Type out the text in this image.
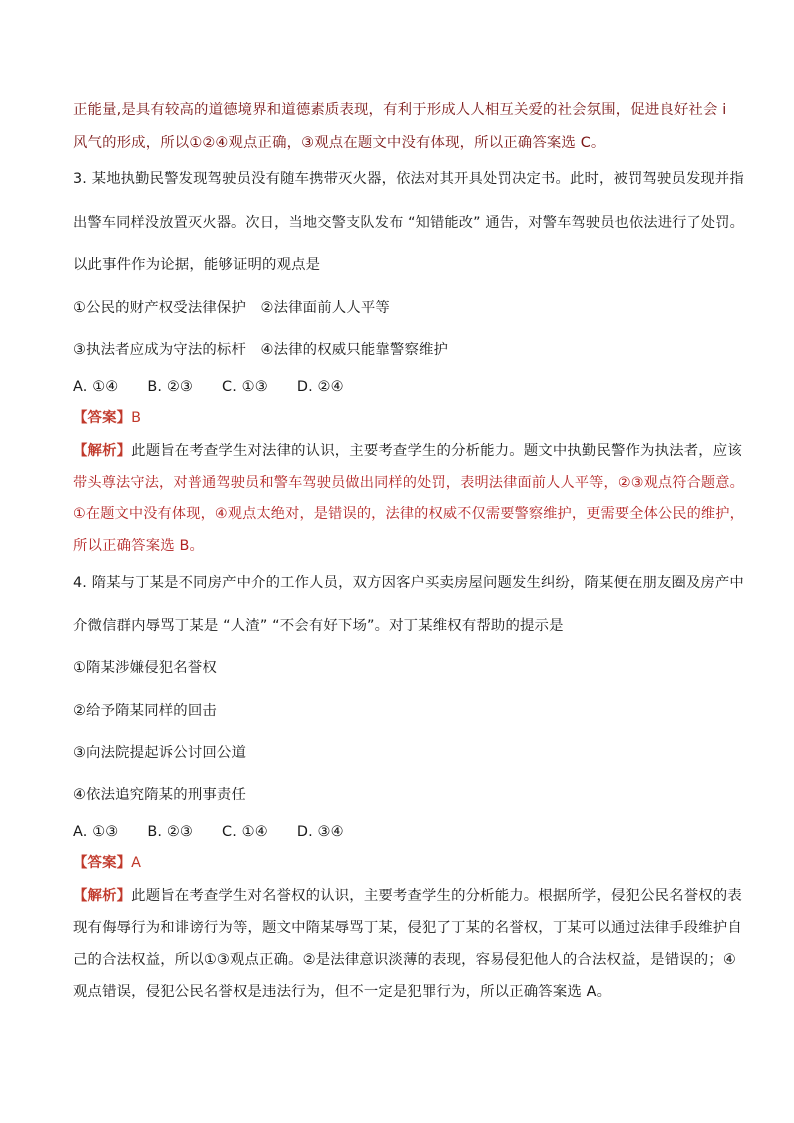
正能量,是具有较高的道德境界和道德素质表现，有利于形成人人相互关爱的社会氛围，促进良好社会 i
风气的形成，所以①②④观点正确，③观点在题文中没有体现，所以正确答案选 C。
3. 某地执勤民警发现驾驶员没有随车携带灭火器，依法对其开具处罚决定书。此时，被罚驾驶员发现并指
出警车同样没放置灭火器。次日，当地交警支队发布 “知错能改” 通告，对警车驾驶员也依法进行了处罚。
以此事件作为论据，能够证明的观点是
①公民的财产权受法律保护　②法律面前人人平等
③执法者应成为守法的标杆　④法律的权威只能靠警察维护
A. ①④　　B. ②③　　C. ①③　　D. ②④
【答案】B
【解析】此题旨在考查学生对法律的认识，主要考查学生的分析能力。题文中执勤民警作为执法者，应该
带头尊法守法，对普通驾驶员和警车驾驶员做出同样的处罚，表明法律面前人人平等，②③观点符合题意。
①在题文中没有体现，④观点太绝对，是错误的，法律的权威不仅需要警察维护，更需要全体公民的维护，
所以正确答案选 B。
4. 隋某与丁某是不同房产中介的工作人员，双方因客户买卖房屋问题发生纠纷，隋某便在朋友圈及房产中
介微信群内辱骂丁某是 “人渣” “不会有好下场”。对丁某维权有帮助的提示是
①隋某涉嫌侵犯名誉权
②给予隋某同样的回击
③向法院提起诉公讨回公道
④依法追究隋某的刑事责任
A. ①③　　B. ②③　　C. ①④　　D. ③④
【答案】A
【解析】此题旨在考查学生对名誉权的认识，主要考查学生的分析能力。根据所学，侵犯公民名誉权的表
现有侮辱行为和诽谤行为等，题文中隋某辱骂丁某，侵犯了丁某的名誉权，丁某可以通过法律手段维护自
己的合法权益，所以①③观点正确。②是法律意识淡薄的表现，容易侵犯他人的合法权益，是错误的；④
观点错误，侵犯公民名誉权是违法行为，但不一定是犯罪行为，所以正确答案选 A。
